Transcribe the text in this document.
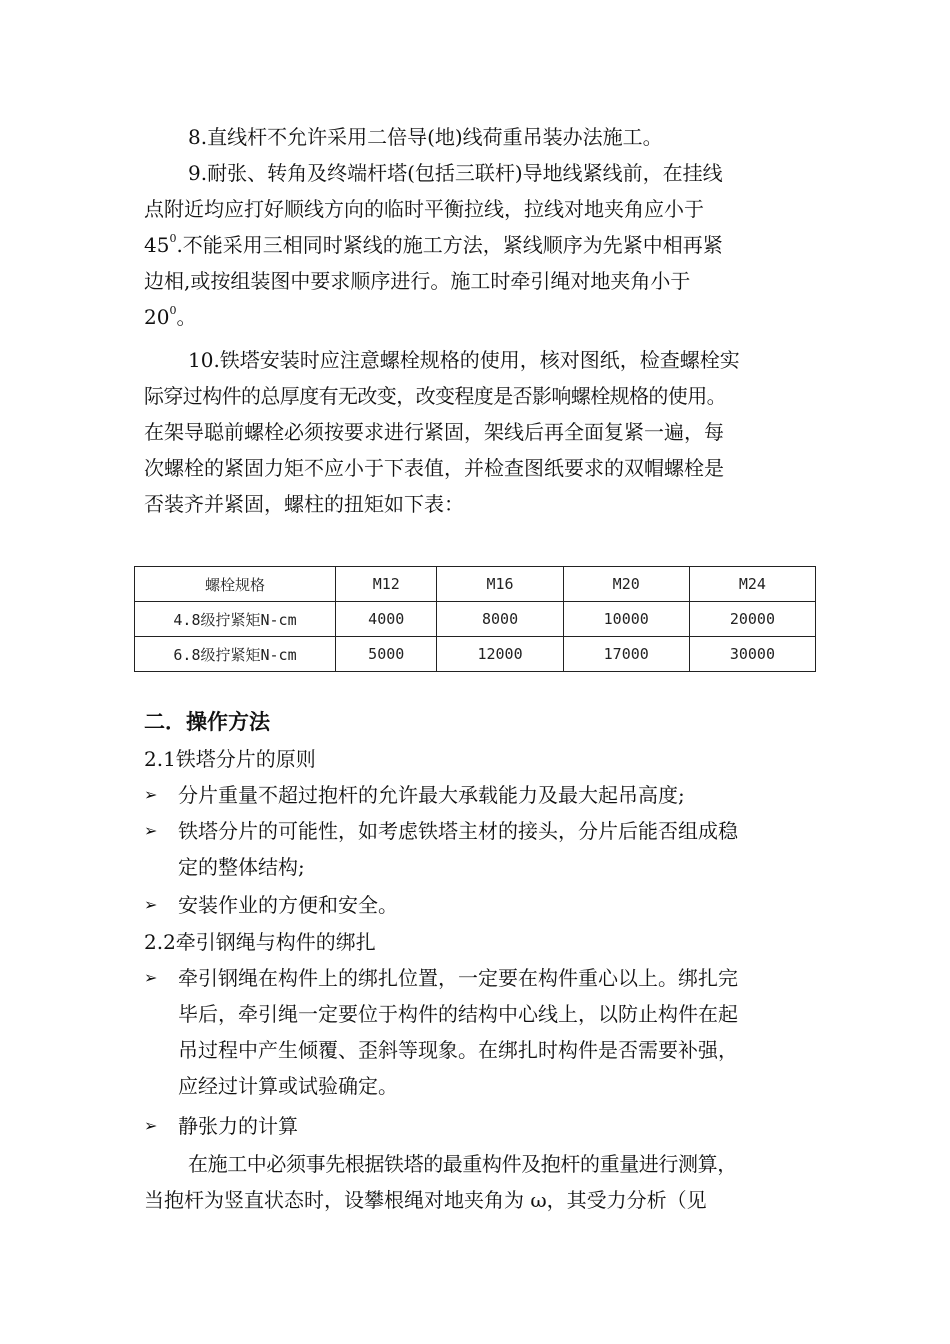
8.直线杆不允许采用二倍导(地)线荷重吊装办法施工。
9.耐张、转角及终端杆塔(包括三联杆)导地线紧线前，在挂线
点附近均应打好顺线方向的临时平衡拉线，拉线对地夹角应小于
$45^0$.不能采用三相同时紧线的施工方法，紧线顺序为先紧中相再紧
边相,或按组装图中要求顺序进行。施工时牵引绳对地夹角小于
$20^0$。
10.铁塔安装时应注意螺栓规格的使用，核对图纸，检查螺栓实
际穿过构件的总厚度有无改变，改变程度是否影响螺栓规格的使用。
在架导聪前螺栓必须按要求进行紧固，架线后再全面复紧一遍，每
次螺栓的紧固力矩不应小于下表值，并检查图纸要求的双帽螺栓是
否装齐并紧固，螺柱的扭矩如下表：
螺栓规格	M12	M16	M20	M24
4.8级拧紧矩N-cm	4000	8000	10000	20000
6.8级拧紧矩N-cm	5000	12000	17000	30000
二．操作方法
2.1铁塔分片的原则
➢ 分片重量不超过抱杆的允许最大承载能力及最大起吊高度;
➢ 铁塔分片的可能性，如考虑铁塔主材的接头，分片后能否组成稳
定的整体结构;
➢ 安装作业的方便和安全。
2.2牵引钢绳与构件的绑扎
➢ 牵引钢绳在构件上的绑扎位置，一定要在构件重心以上。绑扎完
毕后，牵引绳一定要位于构件的结构中心线上，以防止构件在起
吊过程中产生倾覆、歪斜等现象。在绑扎时构件是否需要补强，
应经过计算或试验确定。
➢ 静张力的计算
在施工中必须事先根据铁塔的最重构件及抱杆的重量进行测算，
当抱杆为竖直状态时，设攀根绳对地夹角为 ω，其受力分析（见
